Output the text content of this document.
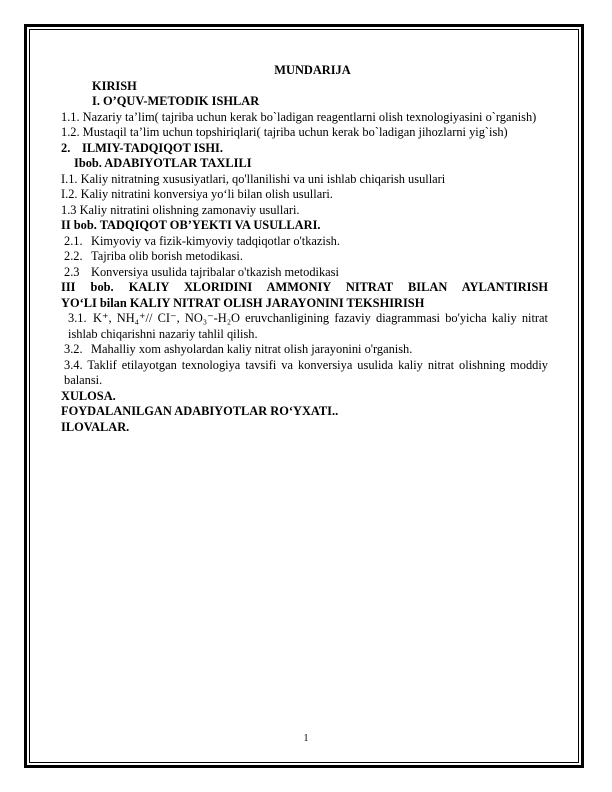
MUNDARIJA

KIRISH

I. O’QUV-METODIK ISHLAR

1.1. Nazariy ta’lim( tajriba uchun kerak bo`ladigan reagentlarni olish texnologiyasini o`rganish)

1.2. Mustaqil ta’lim uchun topshiriqlari( tajriba uchun kerak bo`ladigan jihozlarni yig`ish)

2. ILMIY-TADQIQOT ISHI.

Ibob. ADABIYOTLAR TAXLILI

I.1. Kaliy nitratning xususiyatlari, qo'llanilishi va uni ishlab chiqarish usullari

I.2. Kaliy nitratini konversiya yo‘li bilan olish usullari.

1.3 Kaliy nitratini olishning zamonaviy usullari.

II bob. TADQIQOT OB’YEKTI VA USULLARI.

2.1. Kimyoviy va fizik-kimyoviy tadqiqotlar o'tkazish.

2.2. Tajriba olib borish metodikasi.

2.3 Konversiya usulida tajribalar o'tkazish metodikasi

III bob. KALIY XLORIDINI AMMONIY NITRAT BILAN AYLANTIRISH

YO‘LI bilan KALIY NITRAT OLISH JARAYONINI TEKSHIRISH

3.1. K⁺, NH₄⁺// CI⁻, NO₃⁻-H₂O eruvchanligining fazaviy diagrammasi bo'yicha kaliy nitrat ishlab chiqarishni nazariy tahlil qilish.

3.2. Mahalliy xom ashyolardan kaliy nitrat olish jarayonini o'rganish.

3.4. Taklif etilayotgan texnologiya tavsifi va konversiya usulida kaliy nitrat olishning moddiy balansi.

XULOSA.

FOYDALANILGAN ADABIYOTLAR RO‘YXATI..

ILOVALAR.

1
